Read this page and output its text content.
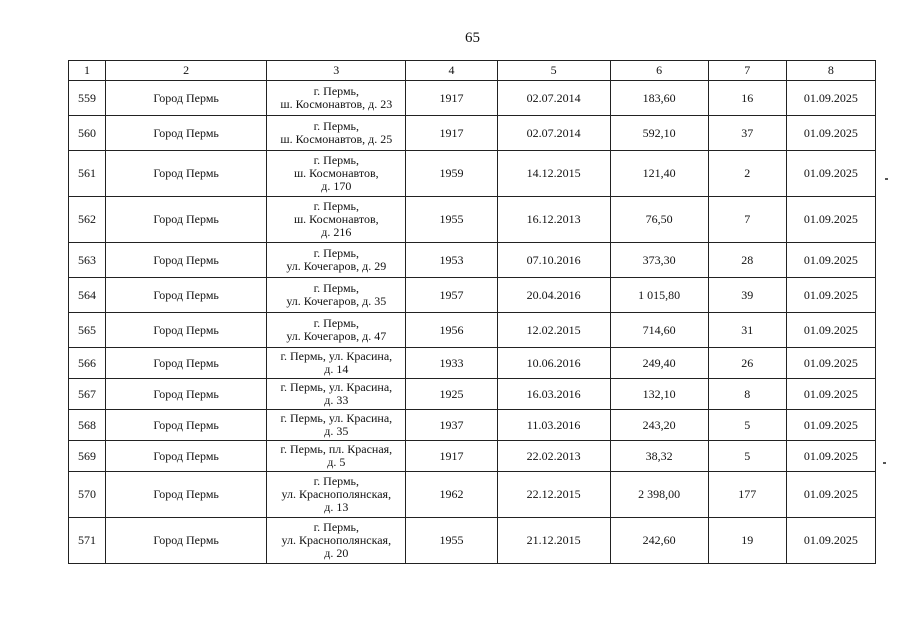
65
1	2	3	4	5	6	7	8
559	Город Пермь	г. Пермь,
ш. Космонавтов, д. 23	1917	02.07.2014	183,60	16	01.09.2025
560	Город Пермь	г. Пермь,
ш. Космонавтов, д. 25	1917	02.07.2014	592,10	37	01.09.2025
561	Город Пермь	г. Пермь,
ш. Космонавтов,
д. 170	1959	14.12.2015	121,40	2	01.09.2025
562	Город Пермь	г. Пермь,
ш. Космонавтов,
д. 216	1955	16.12.2013	76,50	7	01.09.2025
563	Город Пермь	г. Пермь,
ул. Кочегаров, д. 29	1953	07.10.2016	373,30	28	01.09.2025
564	Город Пермь	г. Пермь,
ул. Кочегаров, д. 35	1957	20.04.2016	1 015,80	39	01.09.2025
565	Город Пермь	г. Пермь,
ул. Кочегаров, д. 47	1956	12.02.2015	714,60	31	01.09.2025
566	Город Пермь	г. Пермь, ул. Красина,
д. 14	1933	10.06.2016	249,40	26	01.09.2025
567	Город Пермь	г. Пермь, ул. Красина,
д. 33	1925	16.03.2016	132,10	8	01.09.2025
568	Город Пермь	г. Пермь, ул. Красина,
д. 35	1937	11.03.2016	243,20	5	01.09.2025
569	Город Пермь	г. Пермь, пл. Красная,
д. 5	1917	22.02.2013	38,32	5	01.09.2025
570	Город Пермь	г. Пермь,
ул. Краснополянская,
д. 13	1962	22.12.2015	2 398,00	177	01.09.2025
571	Город Пермь	г. Пермь,
ул. Краснополянская,
д. 20	1955	21.12.2015	242,60	19	01.09.2025
